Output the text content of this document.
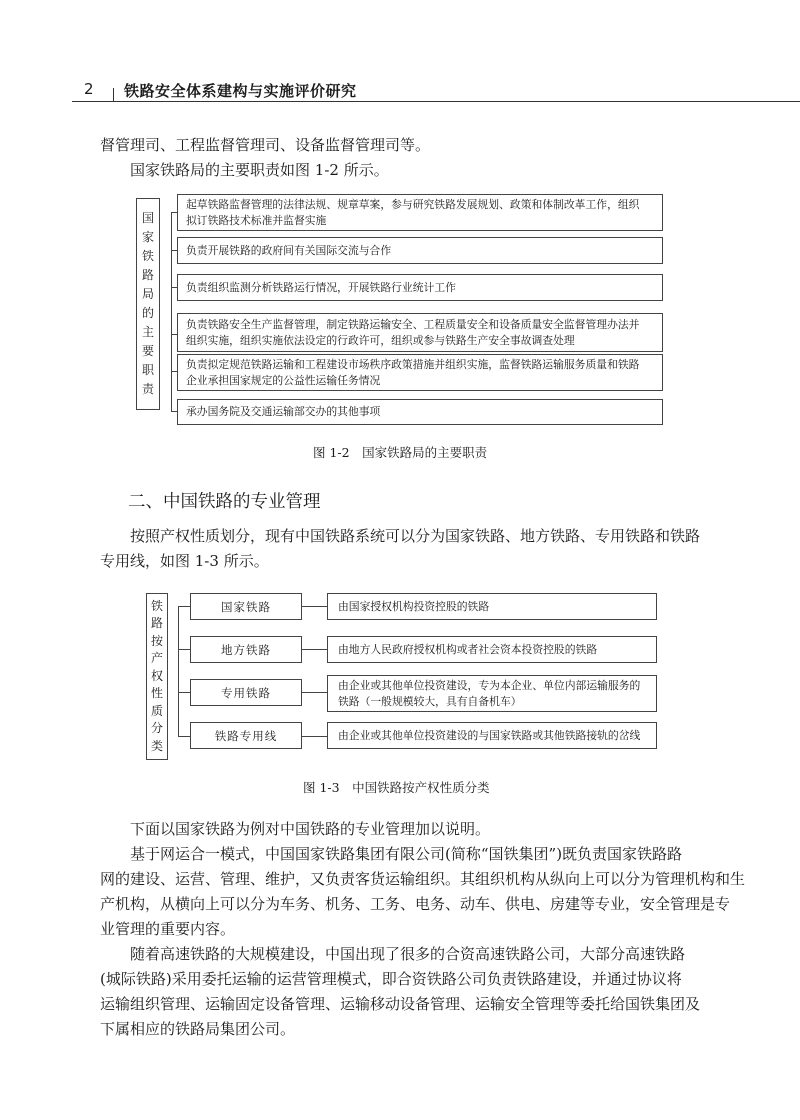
2 铁路安全体系建构与实施评价研究
督管理司、工程监督管理司、设备监督管理司等。
国家铁路局的主要职责如图 1-2 所示。
国
家
铁
路
局
的
主
要
职
责
起草铁路监督管理的法律法规、规章草案，参与研究铁路发展规划、政策和体制改革工作，组织
拟订铁路技术标准并监督实施
负责开展铁路的政府间有关国际交流与合作
负责组织监测分析铁路运行情况，开展铁路行业统计工作
负责铁路安全生产监督管理，制定铁路运输安全、工程质量安全和设备质量安全监督管理办法并
组织实施，组织实施依法设定的行政许可，组织或参与铁路生产安全事故调查处理
负责拟定规范铁路运输和工程建设市场秩序政策措施并组织实施，监督铁路运输服务质量和铁路
企业承担国家规定的公益性运输任务情况
承办国务院及交通运输部交办的其他事项
图 1-2　国家铁路局的主要职责
二、中国铁路的专业管理
按照产权性质划分，现有中国铁路系统可以分为国家铁路、地方铁路、专用铁路和铁路
专用线，如图 1-3 所示。
铁
路
按
产
权
性
质
分
类
国家铁路
地方铁路
专用铁路
铁路专用线
由国家授权机构投资控股的铁路
由地方人民政府授权机构或者社会资本投资控股的铁路
由企业或其他单位投资建设，专为本企业、单位内部运输服务的
铁路（一般规模较大，具有自备机车）
由企业或其他单位投资建设的与国家铁路或其他铁路接轨的岔线
图 1-3　中国铁路按产权性质分类
下面以国家铁路为例对中国铁路的专业管理加以说明。
基于网运合一模式，中国国家铁路集团有限公司(简称“国铁集团”)既负责国家铁路路
网的建设、运营、管理、维护，又负责客货运输组织。其组织机构从纵向上可以分为管理机构和生
产机构，从横向上可以分为车务、机务、工务、电务、动车、供电、房建等专业，安全管理是专
业管理的重要内容。
随着高速铁路的大规模建设，中国出现了很多的合资高速铁路公司，大部分高速铁路
(城际铁路)采用委托运输的运营管理模式，即合资铁路公司负责铁路建设，并通过协议将
运输组织管理、运输固定设备管理、运输移动设备管理、运输安全管理等委托给国铁集团及
下属相应的铁路局集团公司。
